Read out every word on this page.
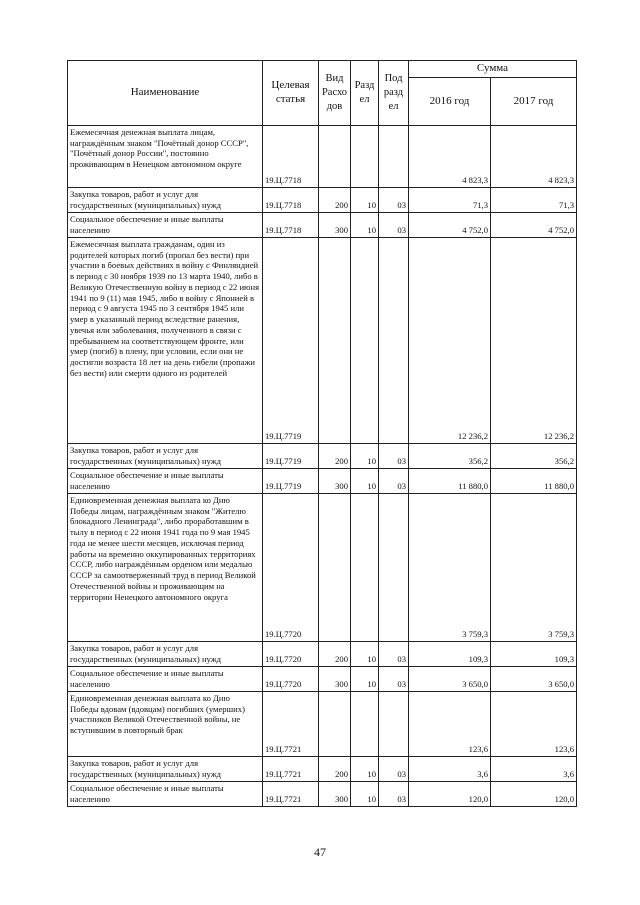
Наименование	Целевая статья	Вид Расхо дов	Разд ел	Под разд ел	Сумма	
					2016 год	2017 год
Ежемесячная денежная выплата лицам, награждённым знаком "Почётный донор СССР", "Почётный донор России", постоянно проживающим в Ненецком автономном округе	19.Ц.7718				4 823,3	4 823,3
Закупка товаров, работ и услуг для государственных (муниципальных) нужд	19.Ц.7718	200	10	03	71,3	71,3
Социальное обеспечение и иные выплаты населению	19.Ц.7718	300	10	03	4 752,0	4 752,0
Ежемесячная выплата гражданам, один из родителей которых погиб (пропал без вести) при участии в боевых действиях в войну с Финляндией в период с 30 ноября 1939 по 13 марта 1940, либо в Великую Отечественную войну в период с 22 июня 1941 по 9 (11) мая 1945, либо в войну с Японией в период с 9 августа 1945 по 3 сентября 1945 или умер в указанный период вследствие ранения, увечья или заболевания, полученного в связи с пребыванием на соответствующем фронте, или умер (погиб) в плену, при условии, если они не достигли возраста 18 лет на день гибели (пропажи без вести) или смерти одного из родителей	19.Ц.7719				12 236,2	12 236,2
Закупка товаров, работ и услуг для государственных (муниципальных) нужд	19.Ц.7719	200	10	03	356,2	356,2
Социальное обеспечение и иные выплаты населению	19.Ц.7719	300	10	03	11 880,0	11 880,0
Единовременная денежная выплата ко Дню Победы лицам, награждённым знаком "Жителю блокадного Ленинграда", либо проработавшим в тылу в период с 22 июня 1941 года по 9 мая 1945 года не менее шести месяцев, исключая период работы на временно оккупированных территориях СССР, либо награждённым орденом или медалью СССР за самоотверженный труд в период Великой Отечественной войны и проживающим на территории Ненецкого автономного округа	19.Ц.7720				3 759,3	3 759,3
Закупка товаров, работ и услуг для государственных (муниципальных) нужд	19.Ц.7720	200	10	03	109,3	109,3
Социальное обеспечение и иные выплаты населению	19.Ц.7720	300	10	03	3 650,0	3 650,0
Единовременная денежная выплата ко Дню Победы вдовам (вдовцам) погибших (умерших) участников Великой Отечественной войны, не вступившим в повторный брак	19.Ц.7721				123,6	123,6
Закупка товаров, работ и услуг для государственных (муниципальных) нужд	19.Ц.7721	200	10	03	3,6	3,6
Социальное обеспечение и иные выплаты населению	19.Ц.7721	300	10	03	120,0	120,0
47
